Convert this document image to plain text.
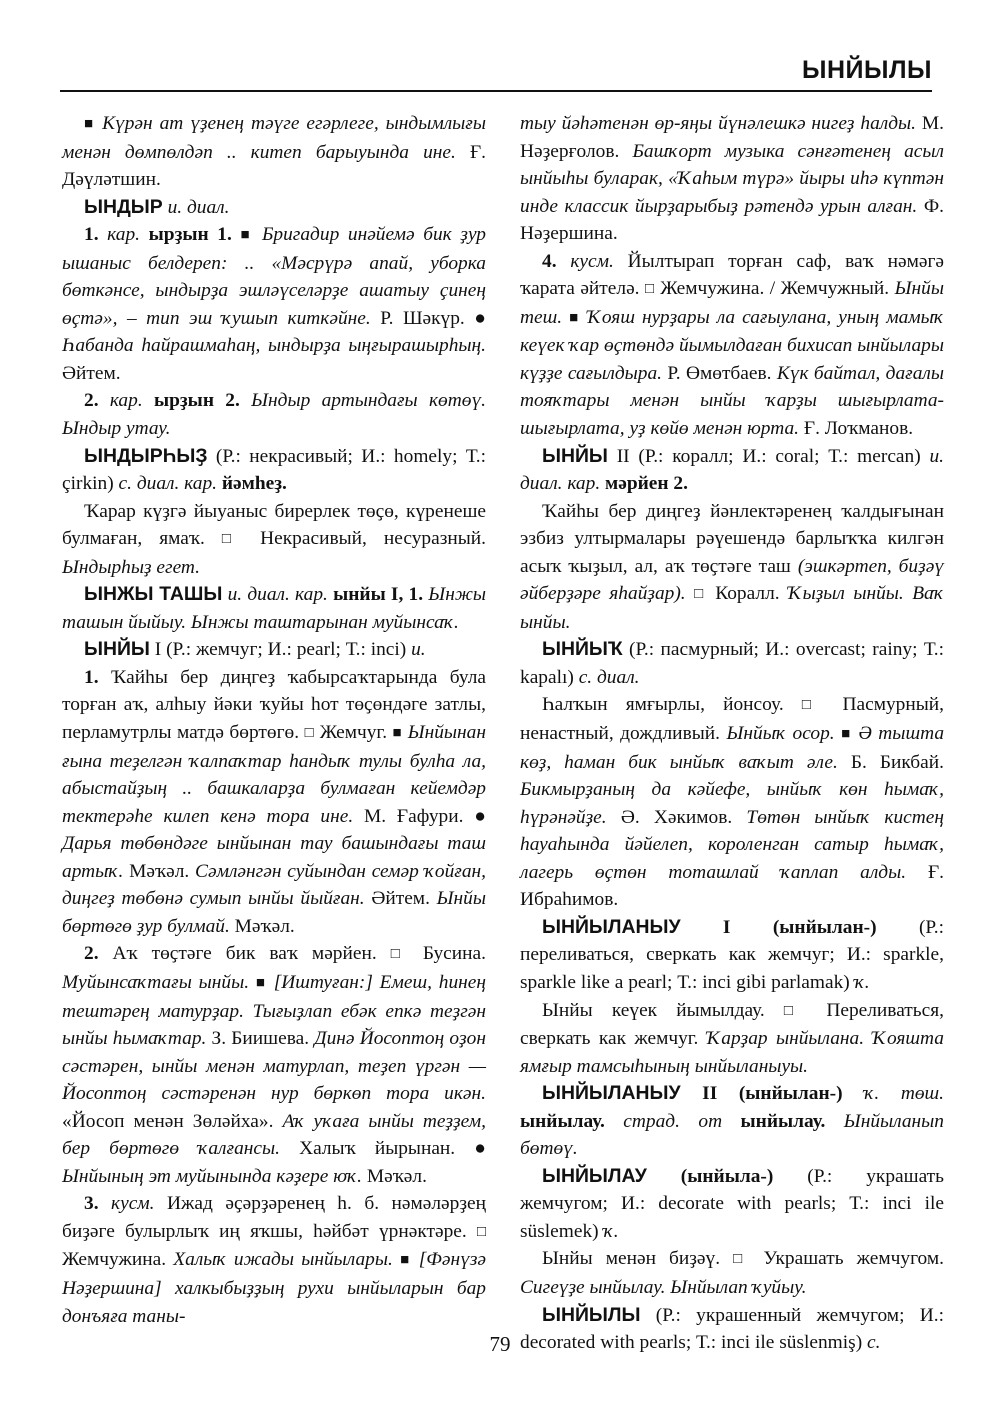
ЫНЙЫЛЫ

■ Күрән ат үҙенең тәүге егәрлеге, ындымлығы менән дөмпөлдәп .. китеп барыуында ине. Ғ. Дәүләтшин.

ЫНДЫР и. диал.

1. кар. ырҙын 1. ■ Бригадир инәйемә бик ҙур ышаныс белдереп: .. «Мәсрүрә апай, уборка бөткәнсе, ындырҙа эшләүселәрҙе ашатыу ҫинең өҫтә», – тип эш ҡушып киткәйне. Р. Шәкүр. ● Һабанда һайрашмаһаң, ындырҙа ыңғырашырһың. Әйтем.

2. кар. ырҙын 2. Ындыр артындағы көтөү. Ындыр утау.

ЫНДЫРҺЫҘ (Р.: некрасивый; И.: homely; Т.: çirkin) с. диал. кар. йәмһеҙ.

Ҡарар күҙгә йыуаныс бирерлек төҫө, күренеше булмаған, ямаҡ. □ Некрасивый, несуразный. Ындырһыҙ егет.

ЫНЖЫ ТАШЫ и. диал. кар. ынйы I, 1. Ынжы ташын йыйыу. Ынжы таштарынан муйынсаҡ.

ЫНЙЫ I (Р.: жемчуг; И.: pearl; Т.: inci) и.

1. Ҡайһы бер диңгеҙ ҡабырсаҡтарында була торған аҡ, алһыу йәки ҡуйы һот төҫөндәге затлы, перламутрлы матдә бөртөгө. □ Жемчуг. ■ Ынйынан ғына теҙелгән ҡалпаҡтар һандыҡ тулы булһа ла, абыстайҙың .. башкаларҙа булмаған кейемдәр тектерәһе килеп кенә тора ине. М. Ғафури. ● Дарья төбөндәге ынйынан тау башындағы таш артыҡ. Мәҡәл. Сәмләнгән суйындан семәр ҡойған, диңгеҙ төбөнә сумып ынйы йыйған. Әйтем. Ынйы бөртөгө ҙур булмай. Мәҡәл.

2. Аҡ төҫтәге бик ваҡ мәрйен. □ Бусина. Муйынсаҡтағы ынйы. ■ [Иштуған:] Емеш, һинең тештәрең матурҙар. Тығыҙлап ебәк епкә теҙгән ынйы һымаҡтар. З. Биишева. Динә Йосоптоң оҙон сәстәрен, ынйы менән матурлап, теҙеп үргән — Йосоптоң сәстәренән нур бөркөп тора икән. «Йосоп менән Зөләйха». Аҡ уҡаға ынйы теҙҙем, бер бөртөгө ҡалғансы. Халыҡ йырынан. ● Ынйының эт муйынында кәҙере юҡ. Мәҡәл.

3. кусм. Ижад әҫәрҙәренең һ. б. нәмәләрҙең биҙәге булырлыҡ иң яҡшы, һәйбәт үрнәктәре. □ Жемчужина. Халыҡ ижады ынйылары. ■ [Фәнүзә Нәҙершина] халкыбыҙҙың рухи ынйыларын бар донъяға таны-

тыу йәһәтенән өр-яңы йүнәлешкә нигеҙ һалды. М. Нәҙерғолов. Башҡорт музыка сәнғәтенең асыл ынйыһы буларак, «Ҡаһым түрә» йыры иһә күптән инде классик йырҙарыбыҙ рәтендә урын алған. Ф. Нәҙершина.

4. кусм. Йылтырап торған саф, ваҡ нәмәгә ҡарата әйтелә. □ Жемчужина. / Жемчужный. Ынйы теш. ■ Ҡояш нурҙары ла сағыулана, уның мамыҡ кеүек ҡар өҫтөндә йымылдаған бихисап ынйылары күҙҙе сағылдыра. Р. Өмөтбаев. Күк байтал, дағалы тояҡтары менән ынйы ҡарҙы шығырлата-шығырлата, уҙ көйө менән юрта. Ғ. Лоҡманов.

ЫНЙЫ II (Р.: коралл; И.: coral; Т.: mercan) и. диал. кар. мәрйен 2.

Ҡайһы бер диңгеҙ йәнлектәренең ҡалдығынан эзбиз ултырмалары рәүешендә барлыҡҡа килгән асыҡ ҡыҙыл, ал, аҡ төҫтәге таш (эшкәртеп, биҙәү әйберҙәре яһайҙар). □ Коралл. Ҡыҙыл ынйы. Ваҡ ынйы.

ЫНЙЫҠ (Р.: пасмурный; И.: overcast; rainy; Т.: kapalı) с. диал.

Һалҡын ямғырлы, йонсоу. □ Пасмурный, ненастный, дождливый. Ынйыҡ осор. ■ Ә тышта көҙ, һаман бик ынйыҡ ваҡыт әле. Б. Бикбай. Бикмырҙаның да кәйефе, ынйыҡ көн һымаҡ, һүрәнәйҙе. Ә. Хәкимов. Төтөн ынйыҡ кистең һауаһында йәйелеп, короленган сатыр һымаҡ, лагерь өҫтөн тоташлай ҡаплап алды. Ғ. Ибраһимов.

ЫНЙЫЛАНЫУ I (ынйылан-) (Р.: переливаться, сверкать как жемчуг; И.: sparkle, sparkle like a pearl; Т.: inci gibi parlamak) ҡ.

Ынйы кеүек йымылдау. □ Переливаться, сверкать как жемчуг. Ҡарҙар ынйылана. Ҡояшта ямғыр тамсыһының ынйыланыуы.

ЫНЙЫЛАНЫУ II (ынйылан-) ҡ. төш. ынйылау. страд. от ынйылау. Ынйыланып бөтөү.

ЫНЙЫЛАУ (ынйыла-) (Р.: украшать жемчугом; И.: decorate with pearls; Т.: inci ile süslemek) ҡ.

Ынйы менән биҙәү. □ Украшать жемчугом. Сигеүҙе ынйылау. Ынйылап ҡуйыу.

ЫНЙЫЛЫ (Р.: украшенный жемчугом; И.: decorated with pearls; Т.: inci ile süslenmiş) с.

79
